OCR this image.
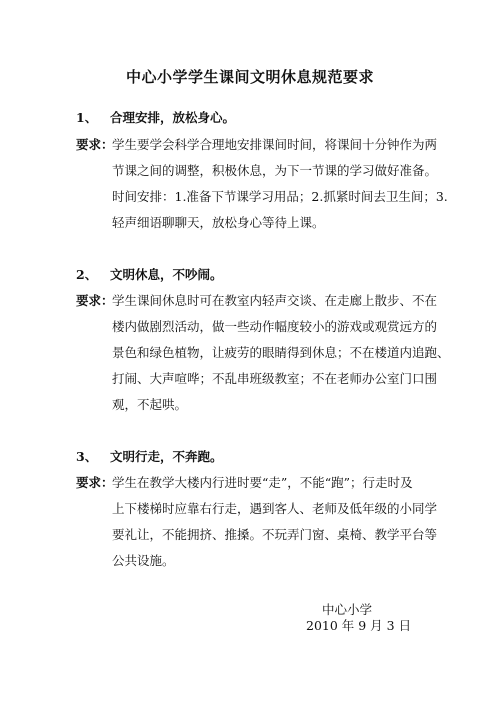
中心小学学生课间文明休息规范要求
1、 合理安排，放松身心。
要求：
学生要学会科学合理地安排课间时间，将课间十分钟作为两
节课之间的调整，积极休息，为下一节课的学习做好准备。
时间安排：1.准备下节课学习用品；2.抓紧时间去卫生间；3.
轻声细语聊聊天，放松身心等待上课。
2、 文明休息，不吵闹。
要求：
学生课间休息时可在教室内轻声交谈、在走廊上散步、不在
楼内做剧烈活动，做一些动作幅度较小的游戏或观赏远方的
景色和绿色植物，让疲劳的眼睛得到休息；不在楼道内追跑、
打闹、大声喧哗；不乱串班级教室；不在老师办公室门口围
观，不起哄。
3、 文明行走，不奔跑。
要求：
学生在教学大楼内行进时要“走”，不能“跑”；行走时及
上下楼梯时应靠右行走，遇到客人、老师及低年级的小同学
要礼让，不能拥挤、推搡。不玩弄门窗、桌椅、教学平台等
公共设施。
中心小学
2010 年 9 月 3 日
